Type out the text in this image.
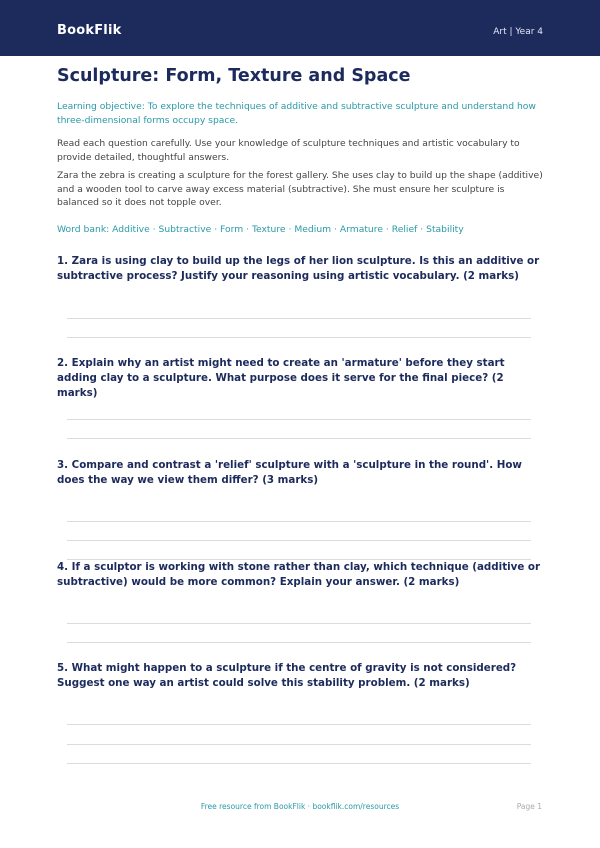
BookFlik	Art | Year 4
Sculpture: Form, Texture and Space
Learning objective: To explore the techniques of additive and subtractive sculpture and understand how three-dimensional forms occupy space.
Read each question carefully. Use your knowledge of sculpture techniques and artistic vocabulary to provide detailed, thoughtful answers.
Zara the zebra is creating a sculpture for the forest gallery. She uses clay to build up the shape (additive) and a wooden tool to carve away excess material (subtractive). She must ensure her sculpture is balanced so it does not topple over.
Word bank: Additive · Subtractive · Form · Texture · Medium · Armature · Relief · Stability
1. Zara is using clay to build up the legs of her lion sculpture. Is this an additive or subtractive process? Justify your reasoning using artistic vocabulary. (2 marks)
2. Explain why an artist might need to create an 'armature' before they start adding clay to a sculpture. What purpose does it serve for the final piece? (2 marks)
3. Compare and contrast a 'relief' sculpture with a 'sculpture in the round'. How does the way we view them differ? (3 marks)
4. If a sculptor is working with stone rather than clay, which technique (additive or subtractive) would be more common? Explain your answer. (2 marks)
5. What might happen to a sculpture if the centre of gravity is not considered? Suggest one way an artist could solve this stability problem. (2 marks)
Free resource from BookFlik · bookflik.com/resources	Page 1
